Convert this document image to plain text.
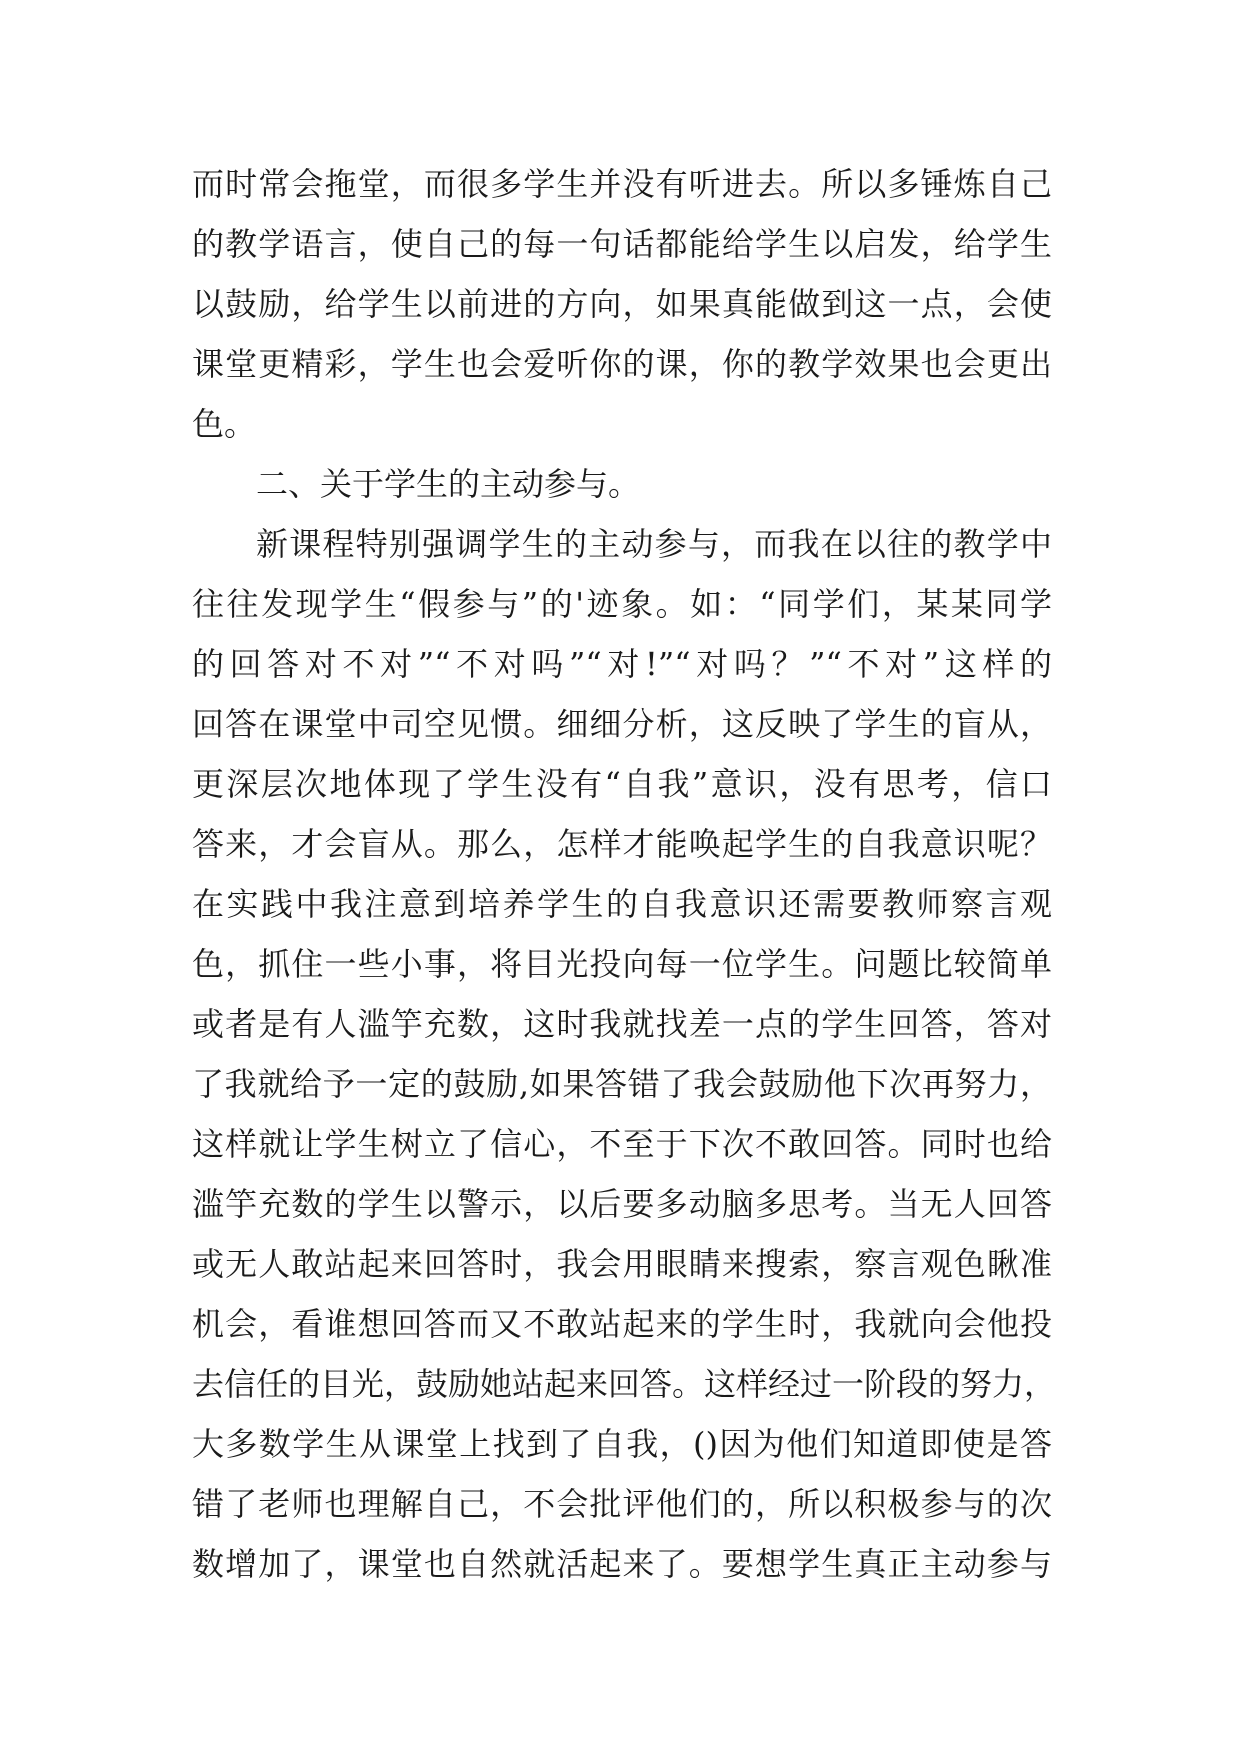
而时常会拖堂，而很多学生并没有听进去。所以多锤炼自己
的教学语言，使自己的每一句话都能给学生以启发，给学生
以鼓励，给学生以前进的方向，如果真能做到这一点，会使
课堂更精彩，学生也会爱听你的课，你的教学效果也会更出
色。
二、关于学生的主动参与。
新课程特别强调学生的主动参与，而我在以往的教学中
往往发现学生“假参与”的'迹象。如：“同学们，某某同学
的回答对不对”“不对吗”“对!”“对吗？”“不对”这样的
回答在课堂中司空见惯。细细分析，这反映了学生的盲从，
更深层次地体现了学生没有“自我”意识，没有思考，信口
答来，才会盲从。那么，怎样才能唤起学生的自我意识呢？
在实践中我注意到培养学生的自我意识还需要教师察言观
色，抓住一些小事，将目光投向每一位学生。问题比较简单
或者是有人滥竽充数，这时我就找差一点的学生回答，答对
了我就给予一定的鼓励,如果答错了我会鼓励他下次再努力，
这样就让学生树立了信心，不至于下次不敢回答。同时也给
滥竽充数的学生以警示，以后要多动脑多思考。当无人回答
或无人敢站起来回答时，我会用眼睛来搜索，察言观色瞅准
机会，看谁想回答而又不敢站起来的学生时，我就向会他投
去信任的目光，鼓励她站起来回答。这样经过一阶段的努力，
大多数学生从课堂上找到了自我，()因为他们知道即使是答
错了老师也理解自己，不会批评他们的，所以积极参与的次
数增加了，课堂也自然就活起来了。要想学生真正主动参与
